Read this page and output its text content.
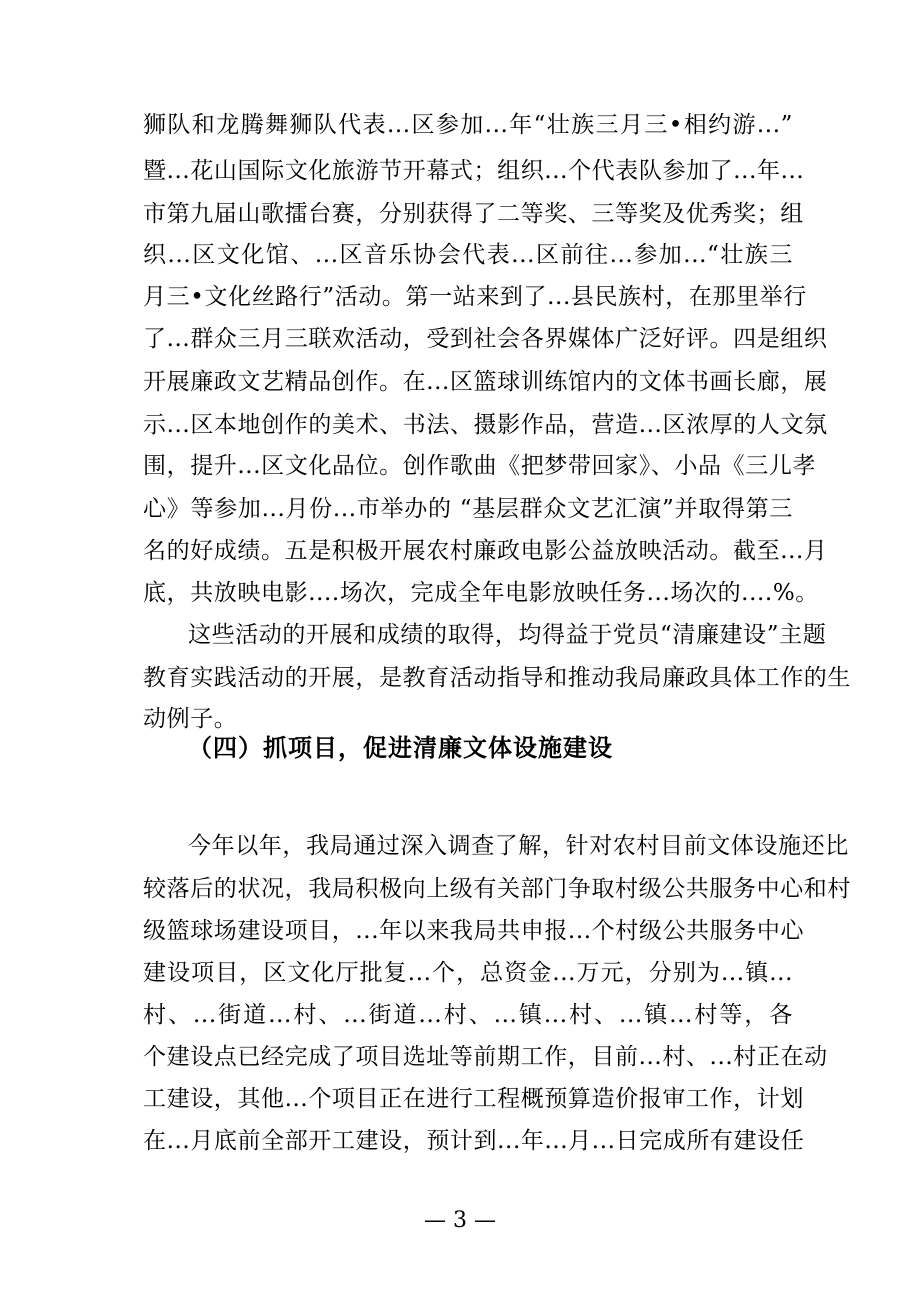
狮队和龙腾舞狮队代表...区参加...年“壮族三月三•相约游...”
暨...花山国际文化旅游节开幕式；组织...个代表队参加了...年...
市第九届山歌擂台赛，分别获得了二等奖、三等奖及优秀奖；组
织...区文化馆、...区音乐协会代表...区前往...参加...“壮族三
月三•文化丝路行”活动。第一站来到了...县民族村，在那里举行
了...群众三月三联欢活动，受到社会各界媒体广泛好评。四是组织
开展廉政文艺精品创作。在...区篮球训练馆内的文体书画长廊，展
示...区本地创作的美术、书法、摄影作品，营造...区浓厚的人文氛
围，提升...区文化品位。创作歌曲《把梦带回家》、小品《三儿孝
心》等参加...月份...市举办的 “基层群众文艺汇演”并取得第三
名的好成绩。五是积极开展农村廉政电影公益放映活动。截至...月
底，共放映电影....场次，完成全年电影放映任务...场次的....%。
这些活动的开展和成绩的取得，均得益于党员“清廉建设”主题
教育实践活动的开展，是教育活动指导和推动我局廉政具体工作的生
动例子。
（四）抓项目，促进清廉文体设施建设
今年以年，我局通过深入调查了解，针对农村目前文体设施还比
较落后的状况，我局积极向上级有关部门争取村级公共服务中心和村
级篮球场建设项目，...年以来我局共申报...个村级公共服务中心
建设项目，区文化厅批复...个，总资金...万元，分别为...镇...
村、...街道...村、...街道...村、...镇...村、...镇...村等，各
个建设点已经完成了项目选址等前期工作，目前...村、...村正在动
工建设，其他...个项目正在进行工程概预算造价报审工作，计划
在...月底前全部开工建设，预计到...年...月...日完成所有建设任
— 3 —
